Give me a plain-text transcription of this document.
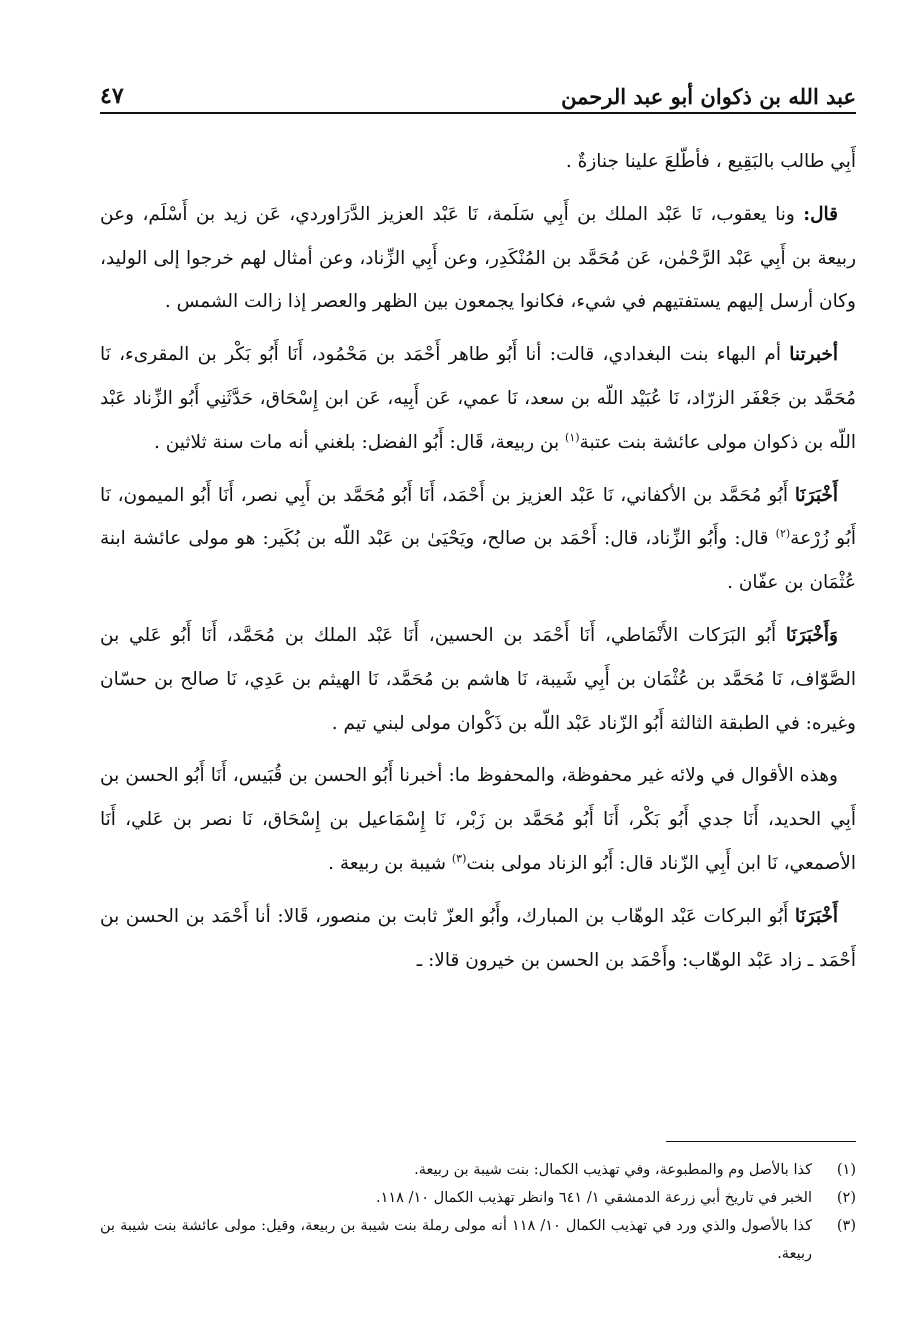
عبد الله بن ذكوان أبو عبد الرحمن
٤٧

أَبِي طالب بالبَقِيع ، فأطّلعَ علينا جنازةٌ .

قال: ونا يعقوب، نَا عَبْد الملك بن أَبِي سَلَمة، نَا عَبْد العزيز الدَّرَاوردي، عَن زيد بن أَسْلَم، وعن ربيعة بن أَبِي عَبْد الرَّحْمٰن، عَن مُحَمَّد بن المُنْكَدِر، وعن أَبِي الزِّناد، وعن أمثال لهم خرجوا إلى الوليد، وكان أرسل إليهم يستفتيهم في شيء، فكانوا يجمعون بين الظهر والعصر إذا زالت الشمس .

أخبرتنا أم البهاء بنت البغدادي، قالت: أنا أَبُو طاهر أَحْمَد بن مَحْمُود، أَنَا أَبُو بَكْر بن المقرىء، نَا مُحَمَّد بن جَعْفَر الزرّاد، نَا عُبَيْد اللّه بن سعد، نَا عمي، عَن أَبِيه، عَن ابن إِسْحَاق، حَدَّثَنِي أَبُو الزِّناد عَبْد اللّه بن ذكوان مولى عائشة بنت عتبة$^{(١)}$ بن ربيعة، قَال: أَبُو الفضل: بلغني أنه مات سنة ثلاثين .

أَخْبَرَنَا أَبُو مُحَمَّد بن الأكفاني، نَا عَبْد العزيز بن أَحْمَد، أَنَا أَبُو مُحَمَّد بن أَبِي نصر، أَنَا أَبُو الميمون، نَا أَبُو زُرْعة$^{(٢)}$ قال: وأَبُو الزِّناد، قال: أَحْمَد بن صالح، ويَحْيَىٰ بن عَبْد اللّه بن بُكَير: هو مولى عائشة ابنة عُثْمَان بن عفّان .

وَأَخْبَرَنَا أَبُو البَرَكات الأَنْمَاطي، أَنَا أَحْمَد بن الحسين، أَنَا عَبْد الملك بن مُحَمَّد، أَنَا أَبُو عَلي بن الصَّوّاف، نَا مُحَمَّد بن عُثْمَان بن أَبِي شَيبة، نَا هاشم بن مُحَمَّد، نَا الهيثم بن عَدِي، نَا صالح بن حسّان وغيره: في الطبقة الثالثة أَبُو الزّناد عَبْد اللّه بن ذَكْوان مولى لبني تيم .

وهذه الأقوال في ولائه غير محفوظة، والمحفوظ ما: أخبرنا أَبُو الحسن بن قُبَيس، أَنَا أَبُو الحسن بن أَبِي الحديد، أَنَا جدي أَبُو بَكْر، أَنَا أَبُو مُحَمَّد بن زَبْر، نَا إِسْمَاعيل بن إِسْحَاق، نَا نصر بن عَلي، أَنَا الأصمعي، نَا ابن أَبِي الزّناد قال: أَبُو الزناد مولى بنت$^{(٣)}$ شيبة بن ربيعة .

أَخْبَرَنَا أَبُو البركات عَبْد الوهّاب بن المبارك، وأَبُو العزّ ثابت بن منصور، قَالا: أنا أَحْمَد بن الحسن بن أَحْمَد ـ زاد عَبْد الوهّاب: وأَحْمَد بن الحسن بن خيرون قالا: ـ

(١)
كذا بالأصل وم والمطبوعة، وفي تهذيب الكمال: بنت شيبة بن ربيعة.
(٢)
الخبر في تاريخ أبي زرعة الدمشقي ١/ ٦٤١ وانظر تهذيب الكمال ١٠/ ١١٨.
(٣)
كذا بالأصول والذي ورد في تهذيب الكمال ١٠/ ١١٨ أنه مولى رملة بنت شيبة بن ربيعة، وقيل: مولى عائشة بنت شيبة بن ربيعة.
